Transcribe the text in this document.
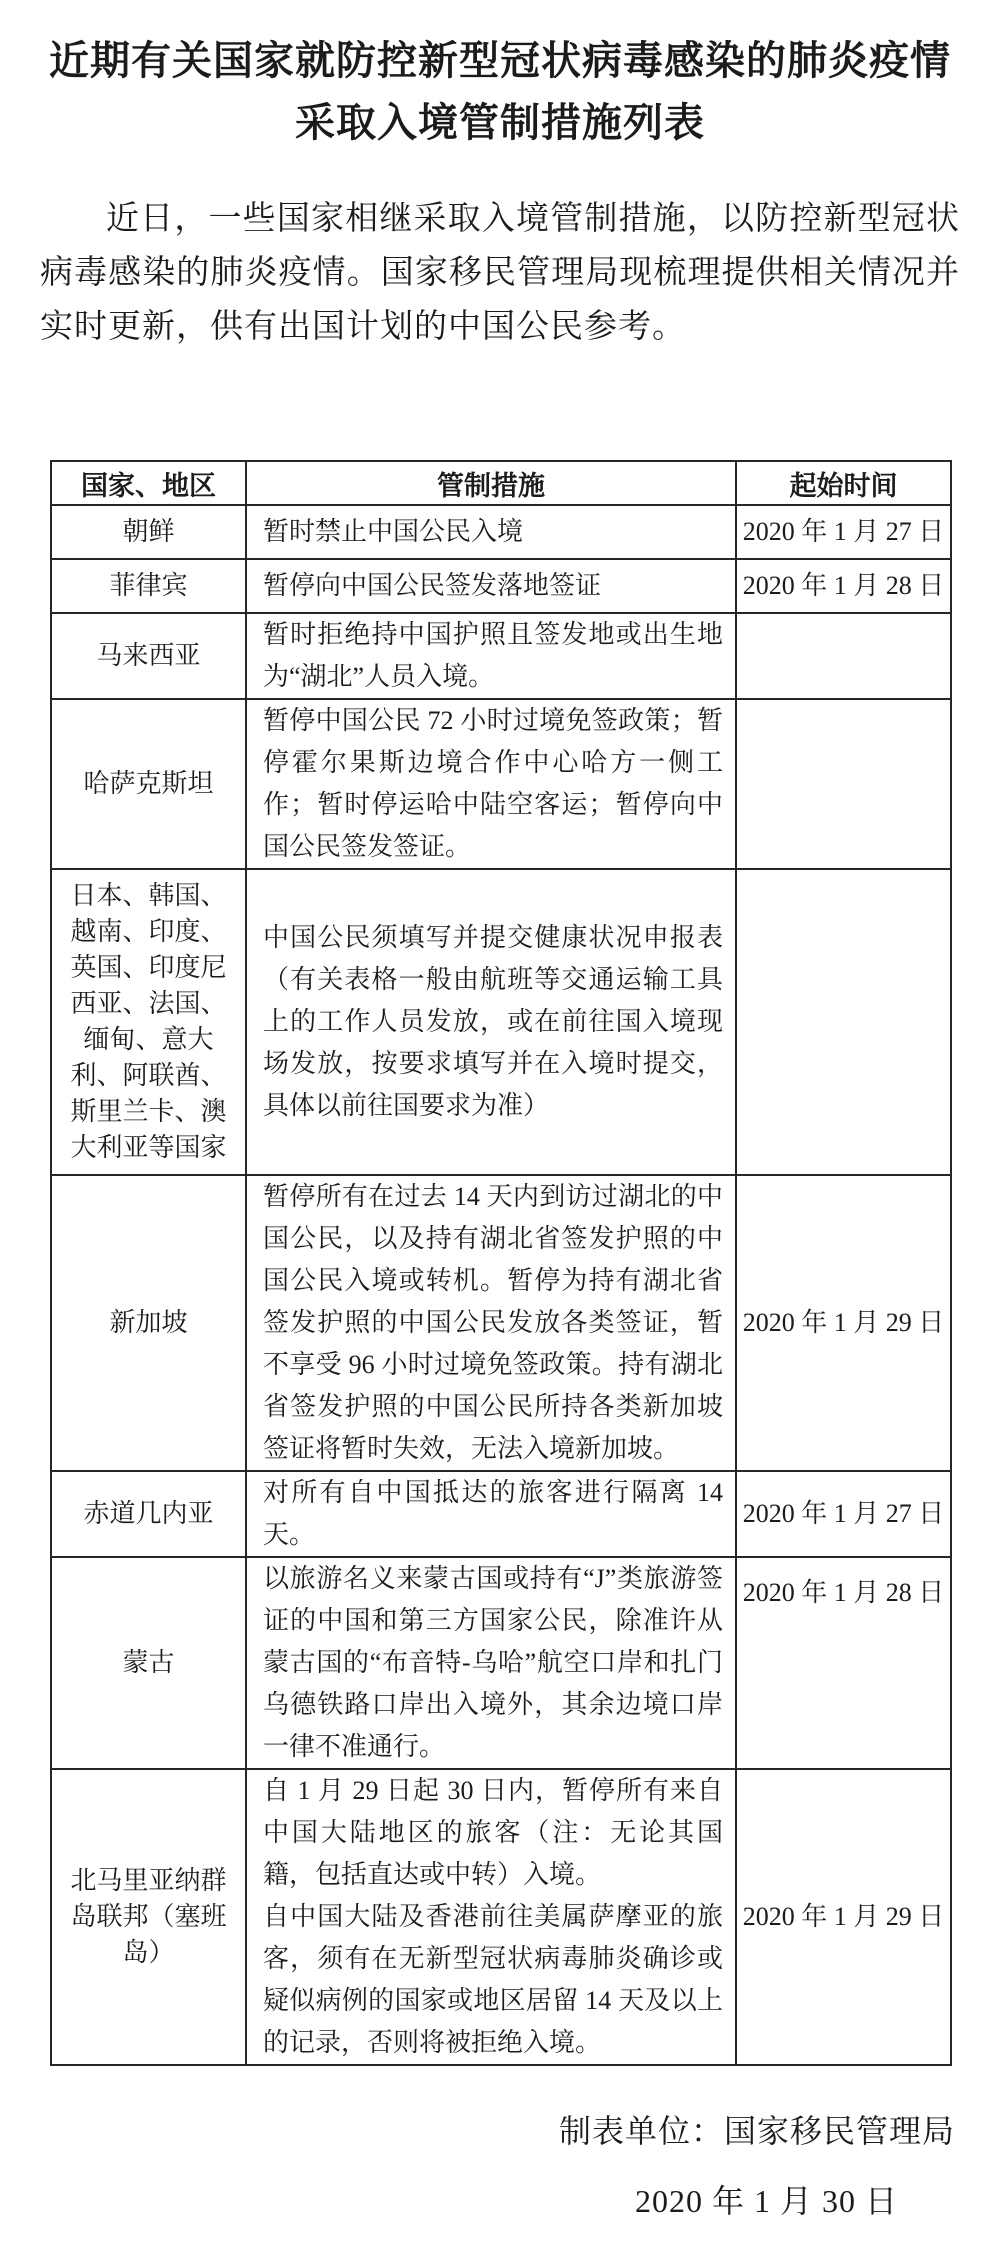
近期有关国家就防控新型冠状病毒感染的肺炎疫情
采取入境管制措施列表

近日，一些国家相继采取入境管制措施，以防控新型冠状病毒感染的肺炎疫情。国家移民管理局现梳理提供相关情况并实时更新，供有出国计划的中国公民参考。

国家、地区	管制措施	起始时间
朝鲜	暂时禁止中国公民入境	2020 年 1 月 27 日
菲律宾	暂停向中国公民签发落地签证	2020 年 1 月 28 日
马来西亚	暂时拒绝持中国护照且签发地或出生地为“湖北”人员入境。	

哈萨克斯坦	暂停中国公民 72 小时过境免签政策；暂停霍尔果斯边境合作中心哈方一侧工作；暂时停运哈中陆空客运；暂停向中国公民签发签证。	

日本、韩国、越南、印度、英国、印度尼西亚、法国、缅甸、意大利、阿联酋、斯里兰卡、澳大利亚等国家	中国公民须填写并提交健康状况申报表（有关表格一般由航班等交通运输工具上的工作人员发放，或在前往国入境现场发放，按要求填写并在入境时提交，具体以前往国要求为准）	

新加坡	暂停所有在过去 14 天内到访过湖北的中国公民，以及持有湖北省签发护照的中国公民入境或转机。暂停为持有湖北省签发护照的中国公民发放各类签证，暂不享受 96 小时过境免签政策。持有湖北省签发护照的中国公民所持各类新加坡签证将暂时失效，无法入境新加坡。	2020 年 1 月 29 日
赤道几内亚	对所有自中国抵达的旅客进行隔离 14 天。	2020 年 1 月 27 日
蒙古	以旅游名义来蒙古国或持有“J”类旅游签证的中国和第三方国家公民，除准许从蒙古国的“布音特-乌哈”航空口岸和扎门乌德铁路口岸出入境外，其余边境口岸一律不准通行。	2020 年 1 月 28 日
北马里亚纳群岛联邦（塞班岛）	自 1 月 29 日起 30 日内，暂停所有来自中国大陆地区的旅客（注：无论其国籍，包括直达或中转）入境。

自中国大陆及香港前往美属萨摩亚的旅客，须有在无新型冠状病毒肺炎确诊或疑似病例的国家或地区居留 14 天及以上的记录，否则将被拒绝入境。	2020 年 1 月 29 日
制表单位：国家移民管理局
2020 年 1 月 30 日
